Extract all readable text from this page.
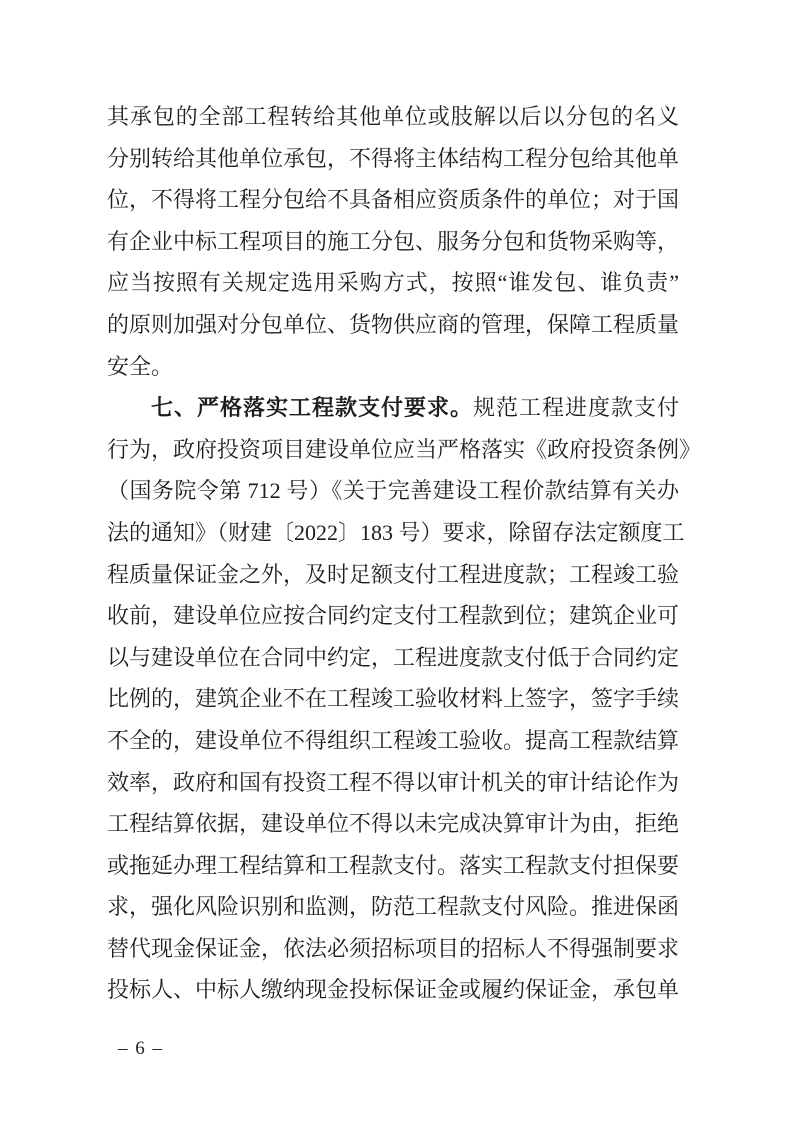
其承包的全部工程转给其他单位或肢解以后以分包的名义
分别转给其他单位承包，不得将主体结构工程分包给其他单
位，不得将工程分包给不具备相应资质条件的单位；对于国
有企业中标工程项目的施工分包、服务分包和货物采购等，
应当按照有关规定选用采购方式，按照“谁发包、谁负责”
的原则加强对分包单位、货物供应商的管理，保障工程质量
安全。
七、严格落实工程款支付要求。规范工程进度款支付
行为，政府投资项目建设单位应当严格落实《政府投资条例》
（国务院令第 712 号）《关于完善建设工程价款结算有关办
法的通知》（财建〔2022〕183 号）要求，除留存法定额度工
程质量保证金之外，及时足额支付工程进度款；工程竣工验
收前，建设单位应按合同约定支付工程款到位；建筑企业可
以与建设单位在合同中约定，工程进度款支付低于合同约定
比例的，建筑企业不在工程竣工验收材料上签字，签字手续
不全的，建设单位不得组织工程竣工验收。提高工程款结算
效率，政府和国有投资工程不得以审计机关的审计结论作为
工程结算依据，建设单位不得以未完成决算审计为由，拒绝
或拖延办理工程结算和工程款支付。落实工程款支付担保要
求，强化风险识别和监测，防范工程款支付风险。推进保函
替代现金保证金，依法必须招标项目的招标人不得强制要求
投标人、中标人缴纳现金投标保证金或履约保证金，承包单
– 6 –
